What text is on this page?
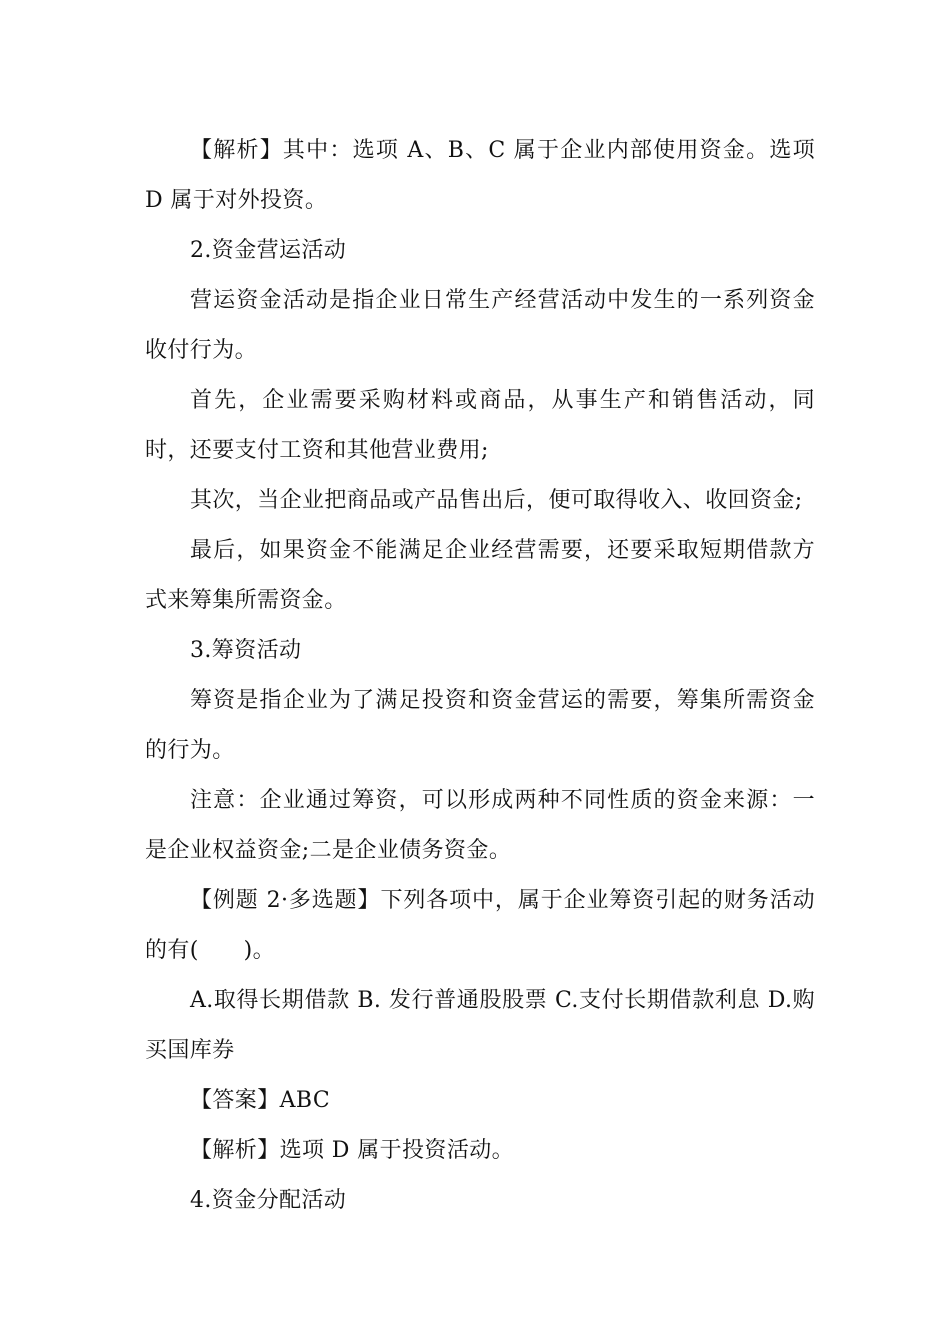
【解析】其中：选项 A、B、C 属于企业内部使用资金。选项 D 属于对外投资。

2.资金营运活动

营运资金活动是指企业日常生产经营活动中发生的一系列资金收付行为。

首先，企业需要采购材料或商品，从事生产和销售活动，同时，还要支付工资和其他营业费用;

其次，当企业把商品或产品售出后，便可取得收入、收回资金;

最后，如果资金不能满足企业经营需要，还要采取短期借款方式来筹集所需资金。

3.筹资活动

筹资是指企业为了满足投资和资金营运的需要，筹集所需资金的行为。

注意：企业通过筹资，可以形成两种不同性质的资金来源：一是企业权益资金;二是企业债务资金。

【例题 2·多选题】下列各项中，属于企业筹资引起的财务活动的有(　　)。

A.取得长期借款 B. 发行普通股股票 C.支付长期借款利息 D.购买国库券

【答案】ABC

【解析】选项 D 属于投资活动。

4.资金分配活动
